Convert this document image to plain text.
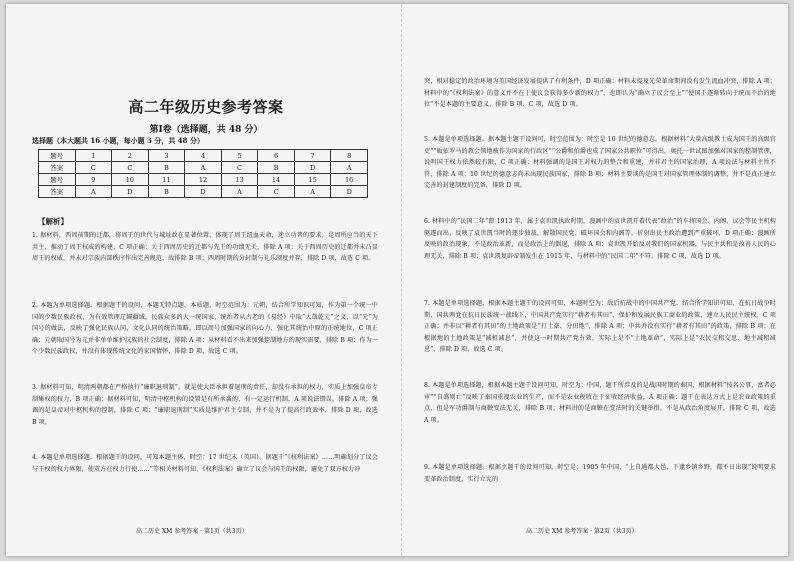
高二年级历史参考答案
第Ⅰ卷（选择题，共 48 分）
选择题（本大题共 16 小题，每小题 3 分，共 48 分）
题号	1	2	3	4	5	6	7	8
答案	C	C	B	A	C	B	D	A
题号	9	10	11	12	13	14	15	16
答案	A	D	B	D	A	C	A	D
【解析】
1. 据材料，西周前期的迁都，将周王的世代与城址政在显著位置，体现了周王纽血天命，迷立功普的要求，是周所应当的天下共主，推动了周王权威的构建，C 项正确；关于西周历史的迁都与先王的功绩无关，排除 A 项；关于西周历史的迁都并未凸显周王的权威，并未对宗族内部秩序作出完善规范，故排除 B 项；西周时期的分封制与礼乐制度并存，排除 D 项，故选 C 项。
2. 本题为单项选择题。根据题干的设问，本题无特点题、本质题，时空范围为：元朝，结合所学知识可知，作为第一个统一中国的少数民族政权，为有效管理辽阔疆域，民族众多的大一统国家，统治者从古老的《易经》中取“大哉乾元”之义，以“元”为国号的做法，反映了强化民族认同，文化认同的统治策略。即以周号加强国家的向心力，强化其统治中原的正统地位，C 项正确；元朝取国号为元并非单单维护汉族的社会制度，排除 A 项；从材料看不出来加强控制地方的现实需要，排除 B 项；作为一个少数民族政权，并没有体现传统文化的家国情怀，排除 D 项，故选 C 项。
3. 据材料可知，明清两朝都在严格执行“廉职退刑制”，就是使大臣承担着退刑的责任，却没有承担的权力，实质上加强皇帝专制集权的权力，B 项正确；据材料可知，明清中枢机构的设置是有所承袭的，有一定运行机制，A 项说法错误，排除 A 项；强调的是皇帝对中枢机构的控制，排除 C 项；“廉职退刑制”实质是维护君主专制，并不是为了提高行政效率，排除 D 项，故选 B 项。
4. 本题是单项选择题，根据题干的设问，可知本题主体，时空：17 世纪末（英国）。据题干“《权利法案》……明确划分了议会与王权的权力界限，使双方在权力行使……”等相关材料可知，《权利法案》确立了议会与国王的权限，避免了双方权力冲
高二历史 XM 参考答案 · 第1页（共3页）
突，相对稳定的政治环境为英国经济发展提供了有利条件，D 项正确；材料未提及光荣革命期间没有发生流血冲突，排除 A 项；材料中的“《权利法案》的意义并不在于使议会获得多少新的权力”，也即认为“确立了议会至上”“使国王逐渐转向于统而不治的地位”不是本题的主要意义，排除 B 项、C 项，故选 D 项。
5. 本题是单项选择题。据本题主题干设问可，时空范围为：时空是 10 世纪的德意志。根据材料“大量高级教士成为国王的高级官吏”“皈依罗马的教会领地被作为国家的行政区”“公爵和伯爵也成了国家公共职位”可得出，奥托一世试图加强对国家的控制管理，说明国王权力依然较有限，C 项正确；材料强调的是国王对权力的整合和重建，并非君主的国家治理，A 项说法与材料主旨不符，排除 A 项；10 世纪的德意志尚未出现民族国家，排除 B 项；材料主要谈的是国王对国家管理体制的调整，并不是真正建立完善的封建制度的完备，排除 D 项。
6. 材料中的“民国二年”即 1913 年，属于袁世凯执政时期，漫画中的袁世凯开着代表“政治”的车将国会、内阁、议会等民主机构驱逐而出，反映了袁世凯当时的逐步独裁，解散国民党、破坏国会和内阁等。折射出民主政治遭到严重破坏，D 项正确；漫画所反映的政治现象，不是政治革新，而是政治上的倒退，排除 A 项；袁世凯开始反对我们的国家机器，与民主共和是改善人民的心理无关，排除 B 项；袁世凯复辟帝制发生在 1915 年，与材料中的“民国二年”不符，排除 C 项，故选 D 项。
7. 本题是单项选择题，根据本题主题干的设问可知，本题时空为：敌后抗战中的中国共产党，结合所学知识可知，在抗日战争时期，国共两党在抗日民族统一战线下，中国共产党实行“耕者有其田”、保护和发展民族工商业的政策，建立人民民主统权，C 项正确；并非以“耕者有其田”的土地政策是“打土豪、分田地”，排除 A 项；中共并没有实行“耕者有其田”的政策，排除 B 项；在根据地的土地政策是“减租减息”，并使这一时期共产党有效，实际上是不“土地革命”，实际上是“农民交租交息、地主减租减息”，排除 D 项，故选 C 项。
8. 本题是单项选择题，根据本题主题干设问可知，时空为：中国，题干所涉及的是战国时期的秦国，根据材料“按名公事，富者必审”“自盛则亡”反映了秦国重视农业的生产，而不是农业税收在于征收经济收益，A 项正确；题干在表达方式上是农业政策的重点，但是军功爵制与商鞅变法无关，排除 B 项；材料讲的是商鞅在变法时的关键举措，不是从政治角度展开，排除 C 项，故选 A 项。
9. 本题是单项选择题。根据主题干的设问可知，时空是：1905 年中国，“上自通都大邑，下逮乡镇乡野，都不日出现”说明要求变革政治制度，实行立宪的
高二历史 XM 参考答案 · 第2页（共3页）
